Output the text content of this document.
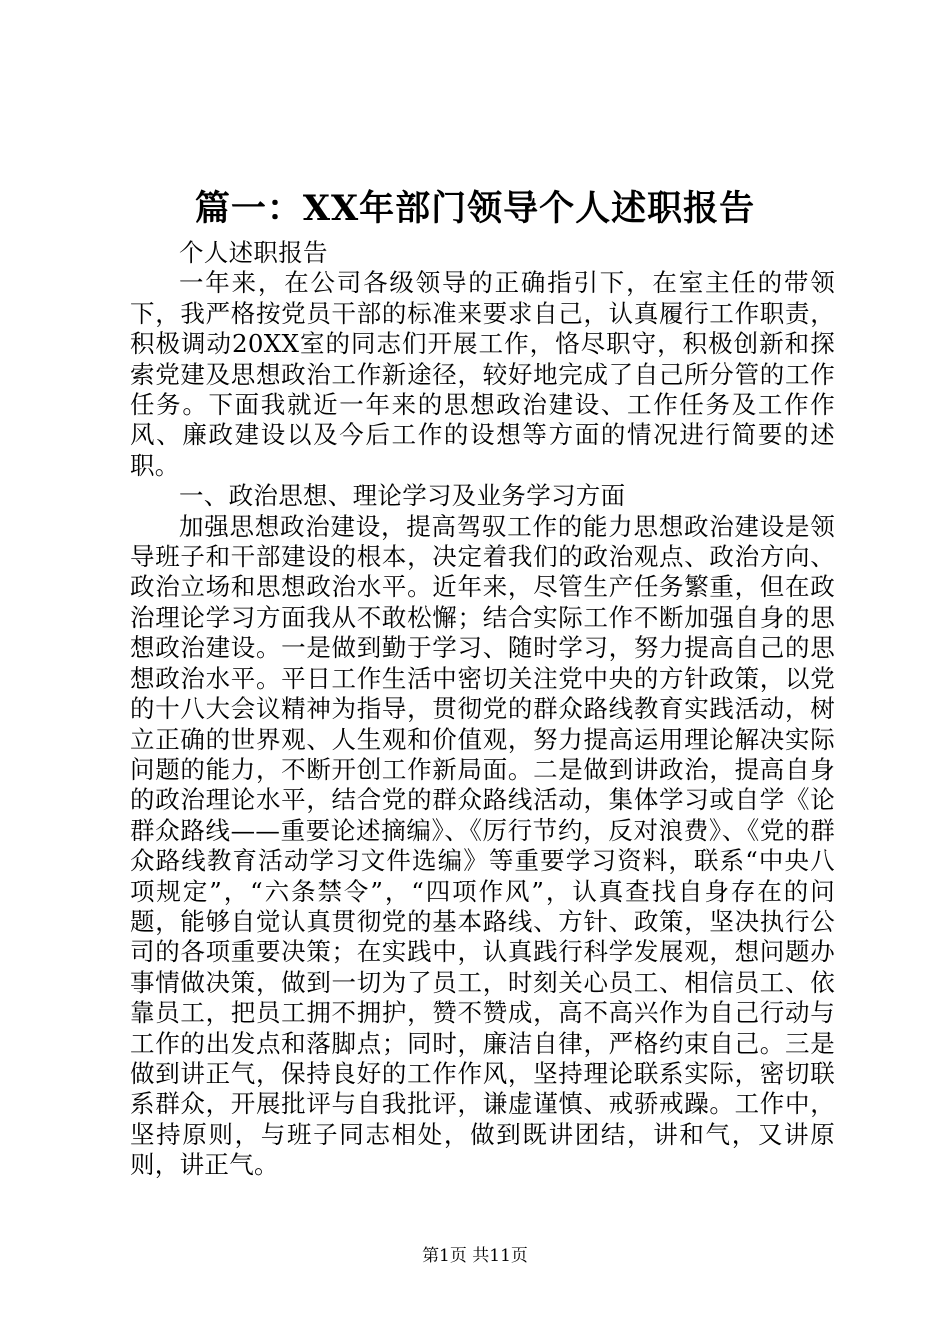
篇一：XX年部门领导个人述职报告

个人述职报告

一年来，在公司各级领导的正确指引下，在室主任的带领下，我严格按党员干部的标准来要求自己，认真履行工作职责，积极调动20XX室的同志们开展工作，恪尽职守，积极创新和探索党建及思想政治工作新途径，较好地完成了自己所分管的工作任务。下面我就近一年来的思想政治建设、工作任务及工作作风、廉政建设以及今后工作的设想等方面的情况进行简要的述职。

一、政治思想、理论学习及业务学习方面

加强思想政治建设，提高驾驭工作的能力思想政治建设是领导班子和干部建设的根本，决定着我们的政治观点、政治方向、政治立场和思想政治水平。近年来，尽管生产任务繁重，但在政治理论学习方面我从不敢松懈；结合实际工作不断加强自身的思想政治建设。一是做到勤于学习、随时学习，努力提高自己的思想政治水平。平日工作生活中密切关注党中央的方针政策，以党的十八大会议精神为指导，贯彻党的群众路线教育实践活动，树立正确的世界观、人生观和价值观，努力提高运用理论解决实际问题的能力，不断开创工作新局面。二是做到讲政治，提高自身的政治理论水平，结合党的群众路线活动，集体学习或自学《论群众路线——重要论述摘编》、《厉行节约，反对浪费》、《党的群众路线教育活动学习文件选编》等重要学习资料，联系“中央八项规定”，“六条禁令”，“四项作风”，认真查找自身存在的问题，能够自觉认真贯彻党的基本路线、方针、政策，坚决执行公司的各项重要决策；在实践中，认真践行科学发展观，想问题办事情做决策，做到一切为了员工，时刻关心员工、相信员工、依靠员工，把员工拥不拥护，赞不赞成，高不高兴作为自己行动与工作的出发点和落脚点；同时，廉洁自律，严格约束自己。三是做到讲正气，保持良好的工作作风，坚持理论联系实际，密切联系群众，开展批评与自我批评，谦虚谨慎、戒骄戒躁。工作中，坚持原则，与班子同志相处，做到既讲团结，讲和气，又讲原则，讲正气。

第1页 共11页
